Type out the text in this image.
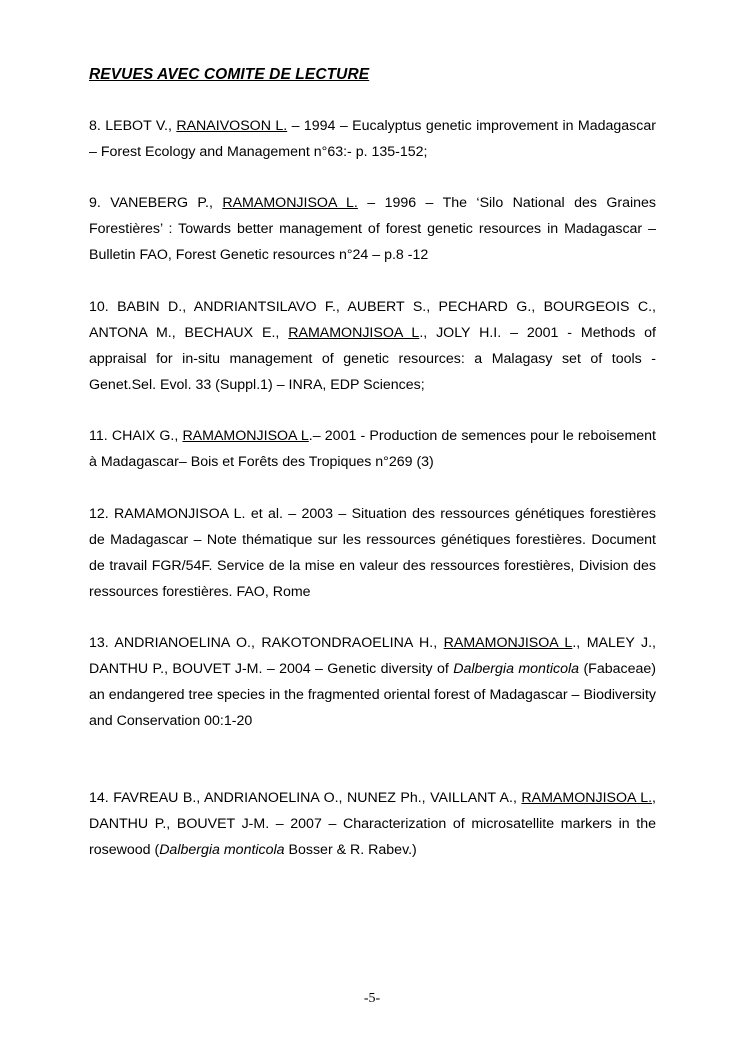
REVUES AVEC COMITE DE LECTURE
8. LEBOT V., RANAIVOSON L. – 1994 – Eucalyptus genetic improvement in Madagascar – Forest Ecology and Management n°63:- p. 135-152;
9. VANEBERG P., RAMAMONJISOA L. – 1996 – The ‘Silo National des Graines Forestières’ : Towards better management of forest genetic resources in Madagascar – Bulletin FAO, Forest Genetic resources n°24 – p.8 -12
10. BABIN D., ANDRIANTSILAVO F., AUBERT S., PECHARD G., BOURGEOIS C., ANTONA M., BECHAUX E., RAMAMONJISOA L., JOLY H.I. – 2001 - Methods of appraisal for in-situ management of genetic resources: a Malagasy set of tools - Genet.Sel. Evol. 33 (Suppl.1) – INRA, EDP Sciences;
11. CHAIX G., RAMAMONJISOA L.– 2001 - Production de semences pour le reboisement à Madagascar– Bois et Forêts des Tropiques n°269 (3)
12. RAMAMONJISOA L. et al. – 2003 – Situation des ressources génétiques forestières de Madagascar – Note thématique sur les ressources génétiques forestières. Document de travail FGR/54F. Service de la mise en valeur des ressources forestières, Division des ressources forestières. FAO, Rome
13. ANDRIANOELINA O., RAKOTONDRAOELINA H., RAMAMONJISOA L., MALEY J., DANTHU P., BOUVET J-M. – 2004 – Genetic diversity of Dalbergia monticola (Fabaceae) an endangered tree species in the fragmented oriental forest of Madagascar – Biodiversity and Conservation 00:1-20
14. FAVREAU B., ANDRIANOELINA O., NUNEZ Ph., VAILLANT A., RAMAMONJISOA L., DANTHU P., BOUVET J-M. – 2007 – Characterization of microsatellite markers in the rosewood (Dalbergia monticola Bosser & R. Rabev.)
-5-
